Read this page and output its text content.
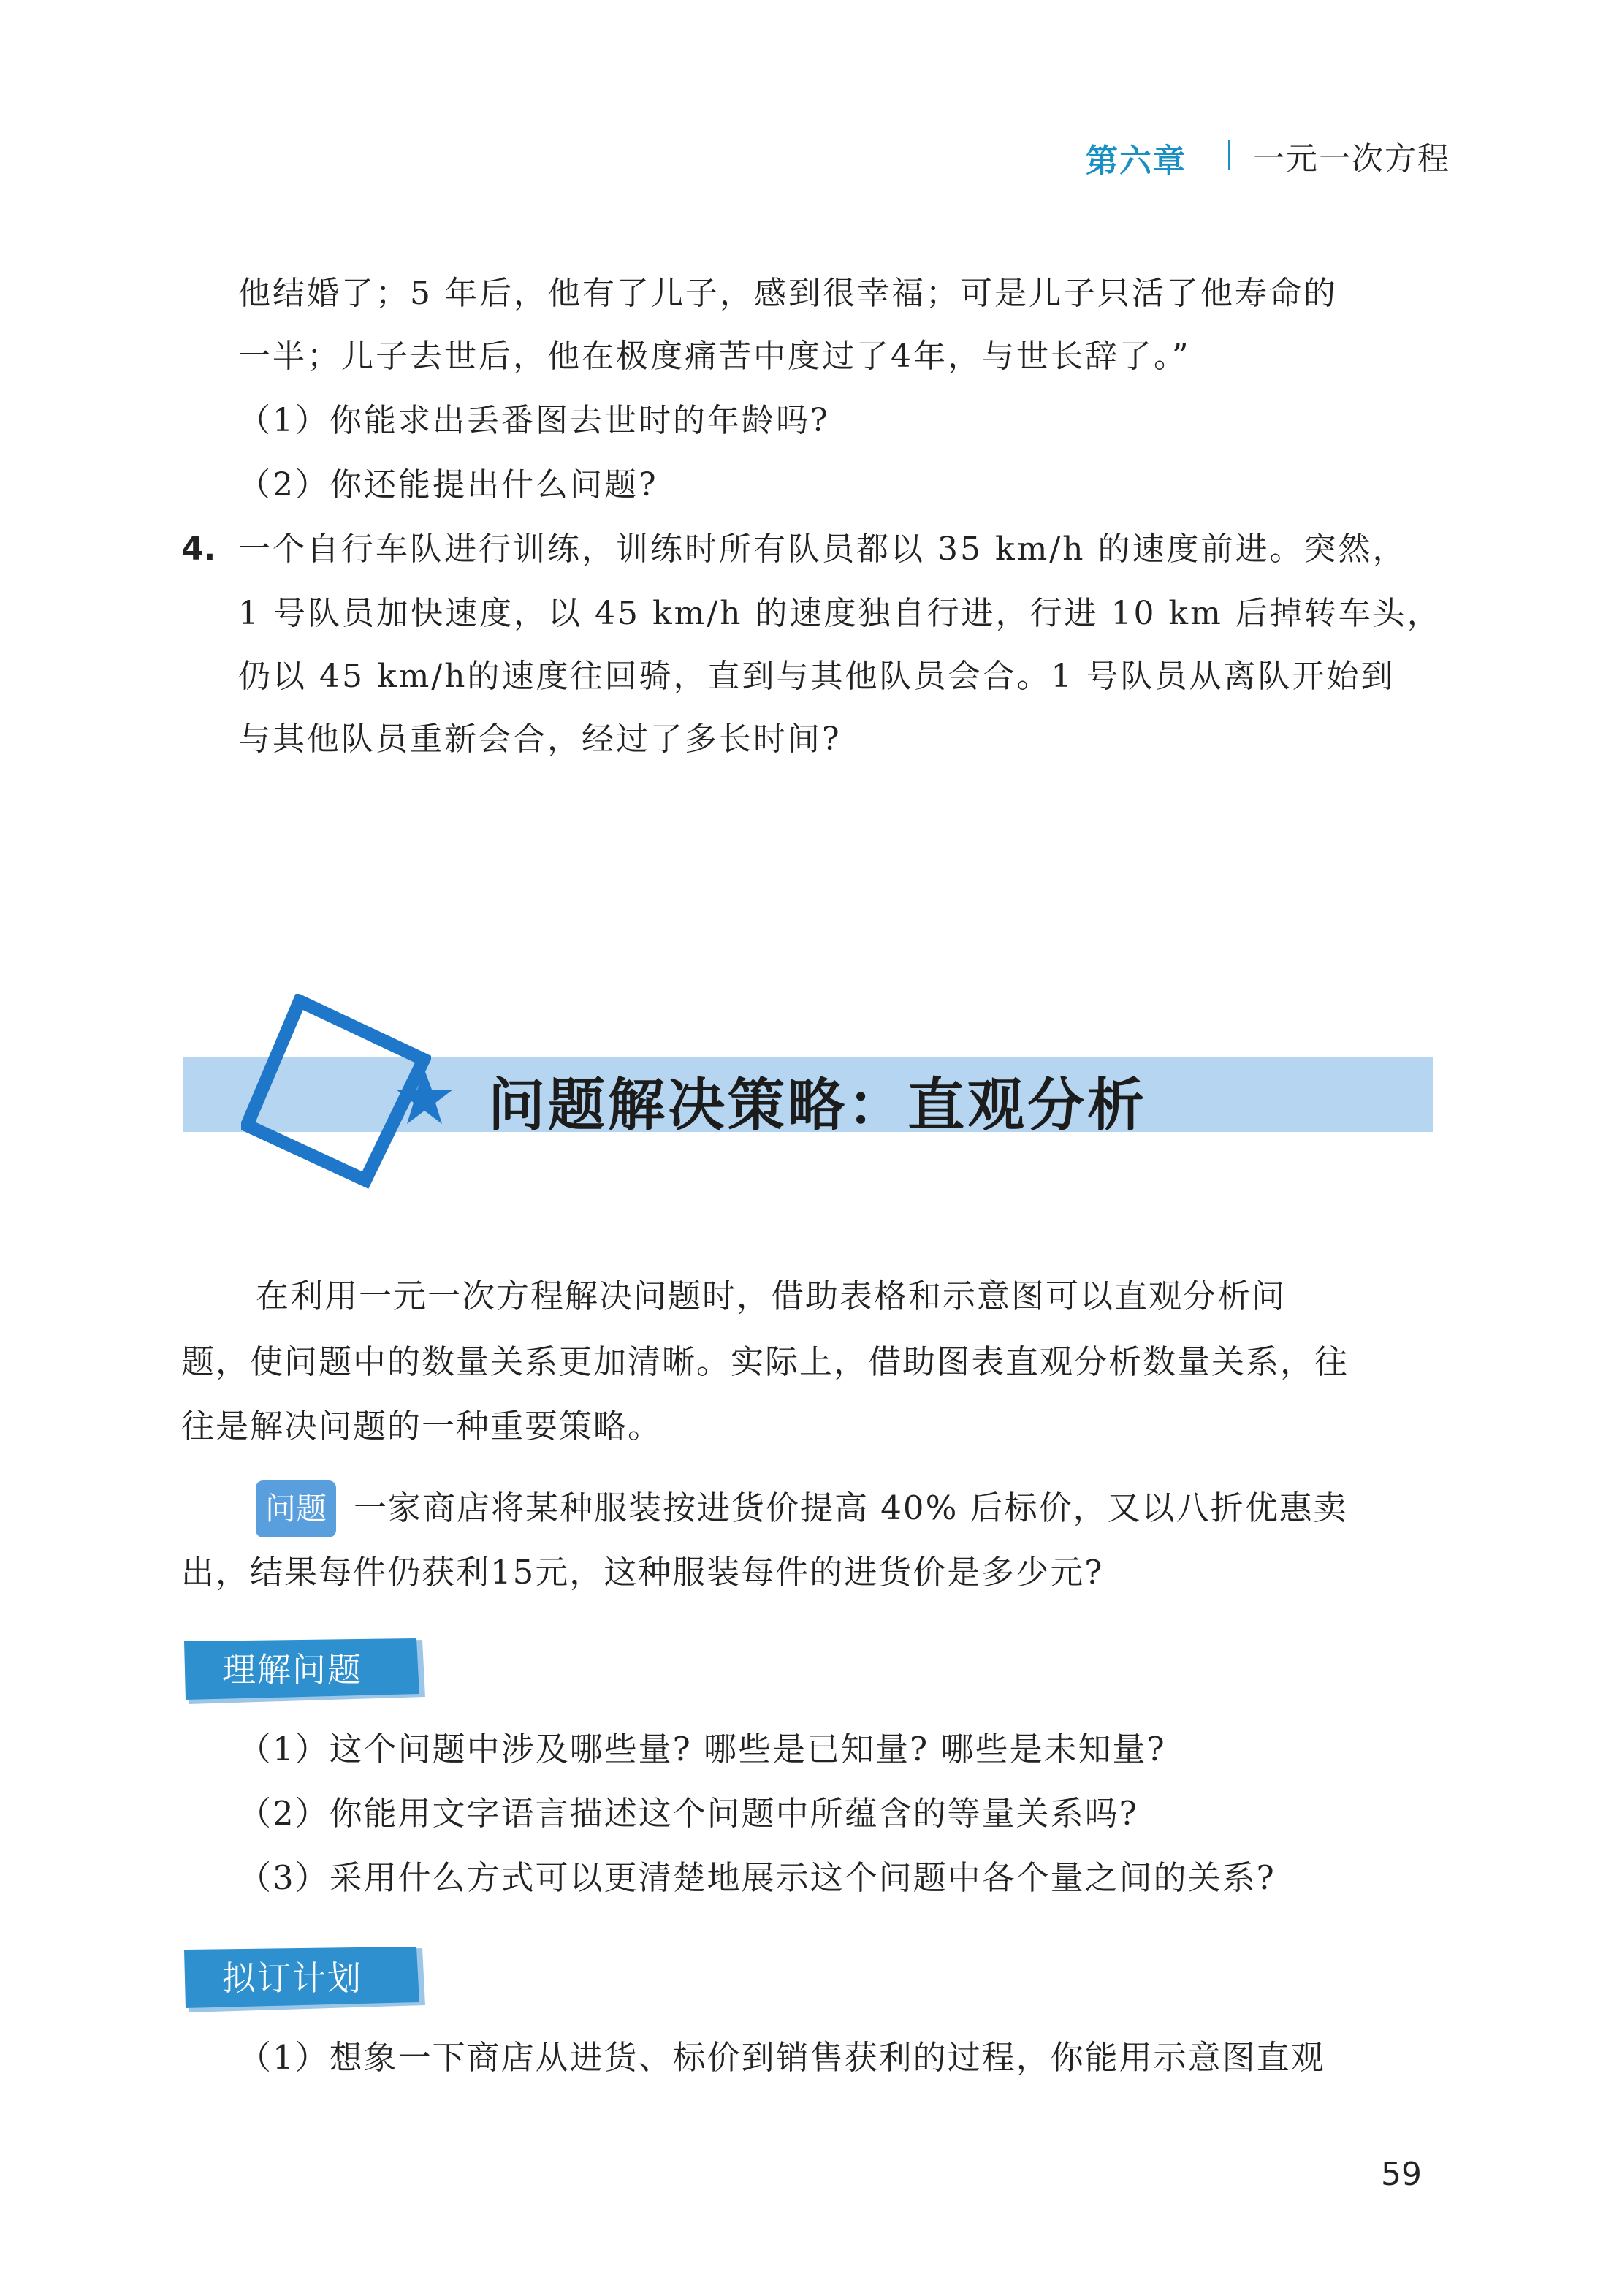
第六章 一元一次方程
他结婚了；5 年后，他有了儿子，感到很幸福；可是儿子只活了他寿命的
一半；儿子去世后，他在极度痛苦中度过了4年，与世长辞了。”
（1）你能求出丢番图去世时的年龄吗?
（2）你还能提出什么问题?
4. 一个自行车队进行训练，训练时所有队员都以 35 km/h 的速度前进。突然，
1 号队员加快速度，以 45 km/h 的速度独自行进，行进 10 km 后掉转车头，
仍以 45 km/h的速度往回骑，直到与其他队员会合。1 号队员从离队开始到
与其他队员重新会合，经过了多长时间?
问题解决策略：直观分析
在利用一元一次方程解决问题时，借助表格和示意图可以直观分析问
题，使问题中的数量关系更加清晰。实际上，借助图表直观分析数量关系，往
往是解决问题的一种重要策略。
问题 一家商店将某种服装按进货价提高 40% 后标价，又以八折优惠卖
出，结果每件仍获利15元，这种服装每件的进货价是多少元?
理解问题
（1）这个问题中涉及哪些量? 哪些是已知量? 哪些是未知量?
（2）你能用文字语言描述这个问题中所蕴含的等量关系吗?
（3）采用什么方式可以更清楚地展示这个问题中各个量之间的关系?
拟订计划
（1）想象一下商店从进货、标价到销售获利的过程，你能用示意图直观
59
